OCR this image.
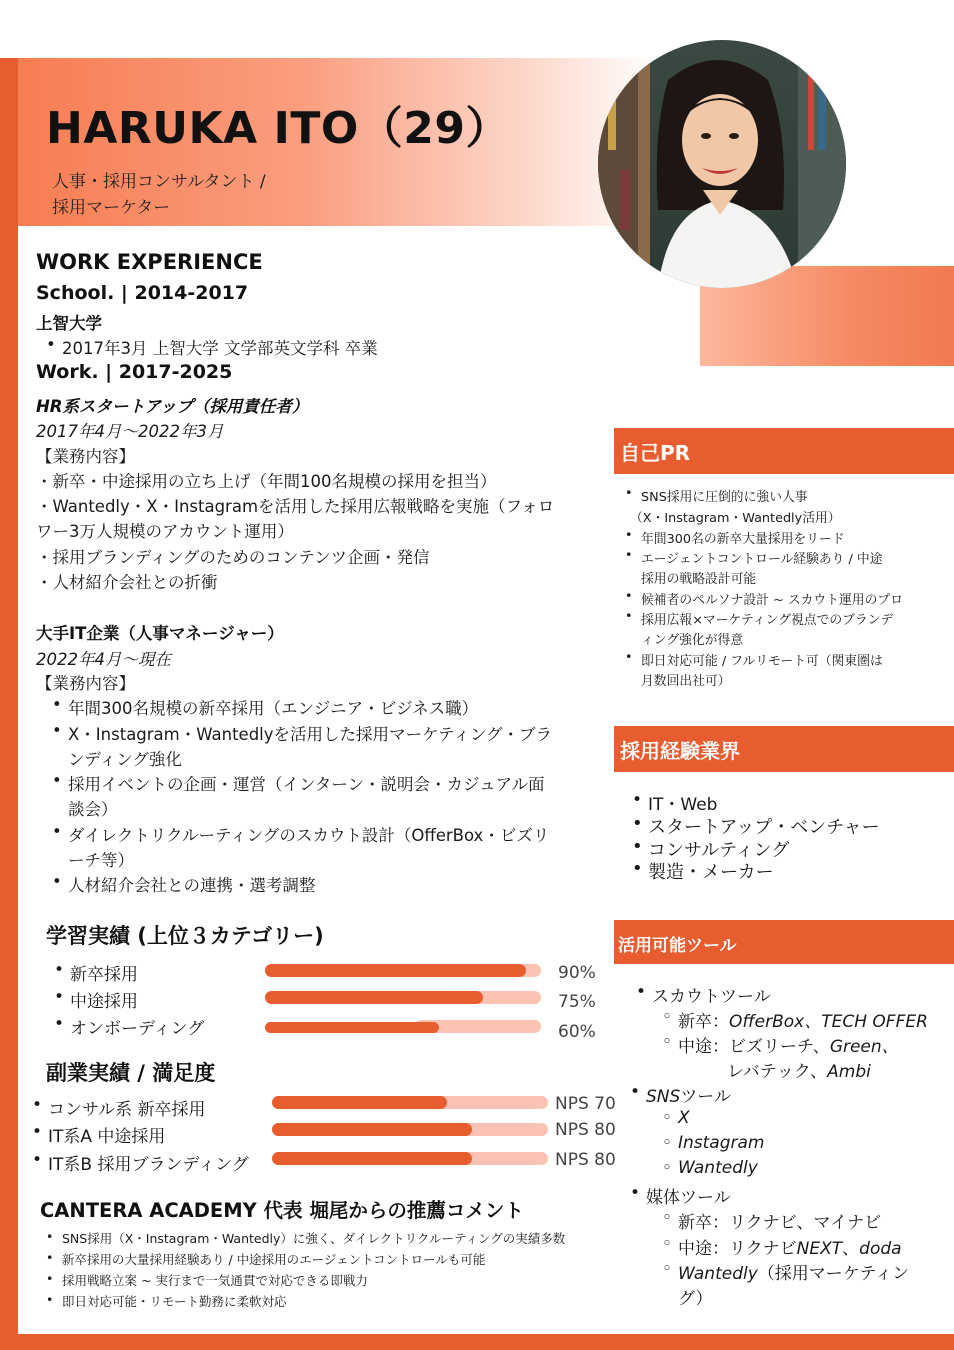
HARUKA ITO（29）
人事・採用コンサルタント /
採用マーケター
WORK EXPERIENCE
School. | 2014-2017
上智大学
• 2017年3月 上智大学 文学部英文学科 卒業
Work. | 2017-2025
HR系スタートアップ（採用責任者）
2017年4月〜2022年3月
【業務内容】
・新卒・中途採用の立ち上げ（年間100名規模の採用を担当）
・Wantedly・X・Instagramを活用した採用広報戦略を実施（フォロ
ワー3万人規模のアカウント運用）
・採用ブランディングのためのコンテンツ企画・発信
・人材紹介会社との折衝
大手IT企業（人事マネージャー）
2022年4月〜現在
【業務内容】
• 年間300名規模の新卒採用（エンジニア・ビジネス職）
• X・Instagram・Wantedlyを活用した採用マーケティング・ブラ
ンディング強化
• 採用イベントの企画・運営（インターン・説明会・カジュアル面
談会）
• ダイレクトリクルーティングのスカウト設計（OfferBox・ビズリ
ーチ等）
• 人材紹介会社との連携・選考調整
学習実績 (上位３カテゴリー)
• 新卒採用
• 中途採用
• オンボーディング
90%
75%
60%
副業実績 / 満足度
• コンサル系 新卒採用
• IT系A 中途採用
• IT系B 採用ブランディング
NPS 70
NPS 80
NPS 80
CANTERA ACADEMY 代表 堀尾からの推薦コメント
• SNS採用（X・Instagram・Wantedly）に強く、ダイレクトリクルーティングの実績多数
• 新卒採用の大量採用経験あり / 中途採用のエージェントコントロールも可能
• 採用戦略立案 ~ 実行まで一気通貫で対応できる即戦力
• 即日対応可能・リモート勤務に柔軟対応
自己PR
• SNS採用に圧倒的に強い人事
（X・Instagram・Wantedly活用）
• 年間300名の新卒大量採用をリード
• エージェントコントロール経験あり / 中途
採用の戦略設計可能
• 候補者のペルソナ設計 ~ スカウト運用のプロ
• 採用広報×マーケティング視点でのブランデ
ィング強化が得意
• 即日対応可能 / フルリモート可（関東圏は
月数回出社可）
採用経験業界
• IT・Web
• スタートアップ・ベンチャー
• コンサルティング
• 製造・メーカー
活用可能ツール
• スカウトツール
◦ 新卒：OfferBox、TECH OFFER
◦ 中途：ビズリーチ、Green、
レバテック、Ambi
• SNSツール
◦ X
◦ Instagram
◦ Wantedly
• 媒体ツール
◦ 新卒：リクナビ、マイナビ
◦ 中途：リクナビNEXT、doda
◦ Wantedly（採用マーケティン
グ）
